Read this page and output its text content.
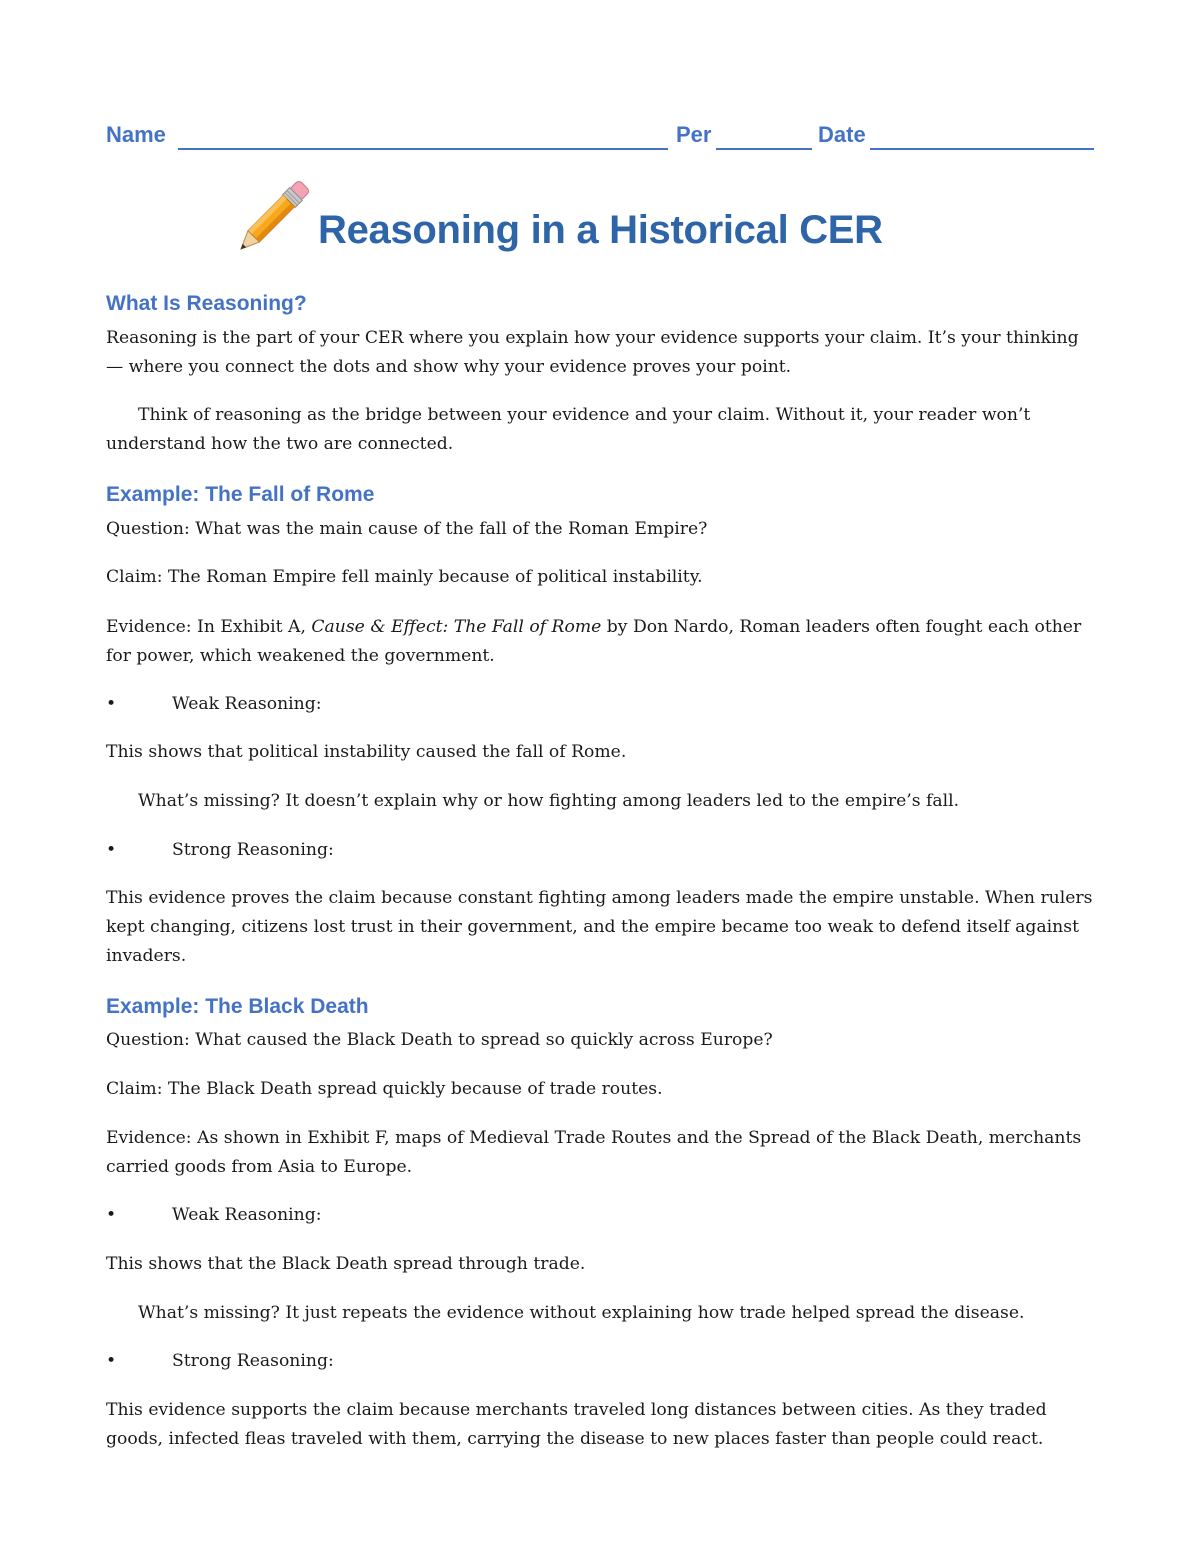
Name	Per	Date
Reasoning in a Historical CER
What Is Reasoning?
Reasoning is the part of your CER where you explain how your evidence supports your claim. It’s your thinking — where you connect the dots and show why your evidence proves your point.
Think of reasoning as the bridge between your evidence and your claim. Without it, your reader won’t understand how the two are connected.
Example: The Fall of Rome
Question: What was the main cause of the fall of the Roman Empire?
Claim: The Roman Empire fell mainly because of political instability.
Evidence: In Exhibit A, Cause & Effect: The Fall of Rome by Don Nardo, Roman leaders often fought each other for power, which weakened the government.
•	Weak Reasoning:
This shows that political instability caused the fall of Rome.
What’s missing? It doesn’t explain why or how fighting among leaders led to the empire’s fall.
•	Strong Reasoning:
This evidence proves the claim because constant fighting among leaders made the empire unstable. When rulers kept changing, citizens lost trust in their government, and the empire became too weak to defend itself against invaders.
Example: The Black Death
Question: What caused the Black Death to spread so quickly across Europe?
Claim: The Black Death spread quickly because of trade routes.
Evidence: As shown in Exhibit F, maps of Medieval Trade Routes and the Spread of the Black Death, merchants carried goods from Asia to Europe.
•	Weak Reasoning:
This shows that the Black Death spread through trade.
What’s missing? It just repeats the evidence without explaining how trade helped spread the disease.
•	Strong Reasoning:
This evidence supports the claim because merchants traveled long distances between cities. As they traded goods, infected fleas traveled with them, carrying the disease to new places faster than people could react.
